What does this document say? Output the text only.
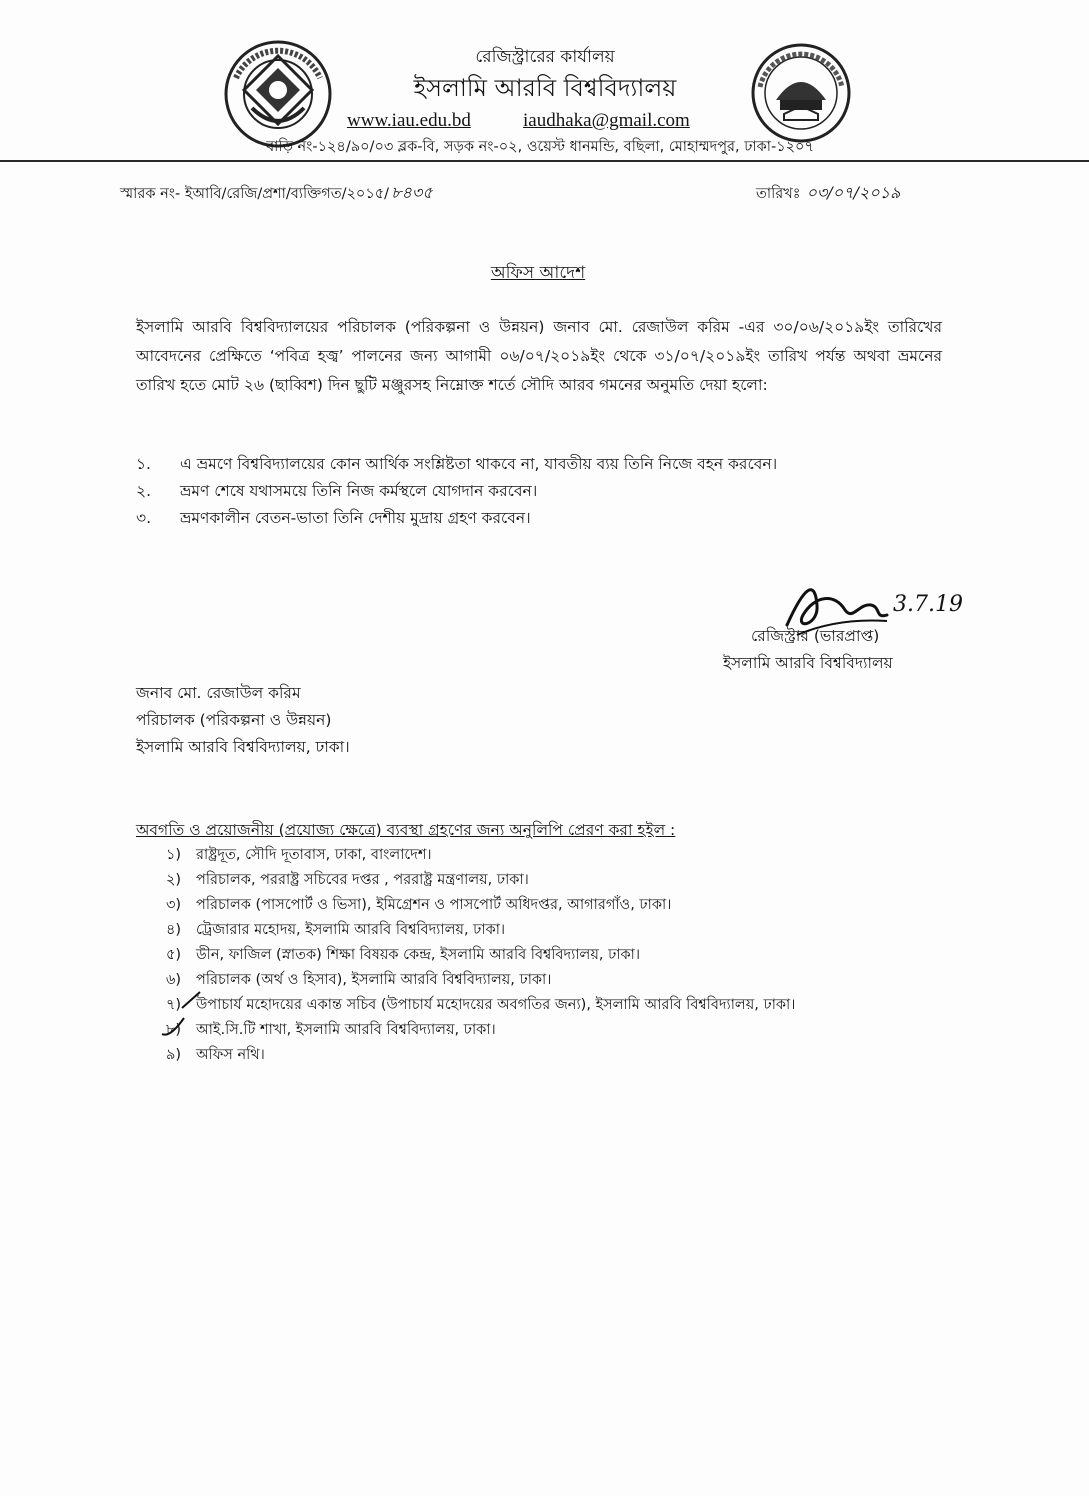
রেজিস্ট্রারের কার্যালয়
ইসলামি আরবি বিশ্ববিদ্যালয়
www.iau.edu.bd	iaudhaka@gmail.com
বাড়ি নং-১২৪/৯০/০৩ ব্লক-বি, সড়ক নং-০২, ওয়েস্ট ধানমন্ডি, বছিলা, মোহাম্মদপুর, ঢাকা-১২০৭
স্মারক নং- ইআবি/রেজি/প্রশা/ব্যক্তিগত/২০১৫/ ৮৪৩৫	তারিখঃ ০৩/০৭/২০১৯
অফিস আদেশ
ইসলামি আরবি বিশ্ববিদ্যালয়ের পরিচালক (পরিকল্পনা ও উন্নয়ন) জনাব মো. রেজাউল করিম -এর ৩০/০৬/২০১৯ইং তারিখের আবেদনের প্রেক্ষিতে ‘পবিত্র হজ্ব’ পালনের জন্য আগামী ০৬/০৭/২০১৯ইং থেকে ৩১/০৭/২০১৯ইং তারিখ পর্যন্ত অথবা ভ্রমনের তারিখ হতে মোট ২৬ (ছাব্বিশ) দিন ছুটি মঞ্জুরসহ নিম্নোক্ত শর্তে সৌদি আরব গমনের অনুমতি দেয়া হলো:
১. এ ভ্রমণে বিশ্ববিদ্যালয়ের কোন আর্থিক সংশ্লিষ্টতা থাকবে না, যাবতীয় ব্যয় তিনি নিজে বহন করবেন।
২. ভ্রমণ শেষে যথাসময়ে তিনি নিজ কর্মস্থলে যোগদান করবেন।
৩. ভ্রমণকালীন বেতন-ভাতা তিনি দেশীয় মুদ্রায় গ্রহণ করবেন।
3.7.19
রেজিস্ট্রার (ভারপ্রাপ্ত)
ইসলামি আরবি বিশ্ববিদ্যালয়
জনাব মো. রেজাউল করিম
পরিচালক (পরিকল্পনা ও উন্নয়ন)
ইসলামি আরবি বিশ্ববিদ্যালয়, ঢাকা।
অবগতি ও প্রয়োজনীয় (প্রযোজ্য ক্ষেত্রে) ব্যবস্থা গ্রহণের জন্য অনুলিপি প্রেরণ করা হইল :
১) রাষ্ট্রদূত, সৌদি দূতাবাস, ঢাকা, বাংলাদেশ।
২) পরিচালক, পররাষ্ট্র সচিবের দপ্তর , পররাষ্ট্র মন্ত্রণালয়, ঢাকা।
৩) পরিচালক (পাসপোর্ট ও ভিসা), ইমিগ্রেশন ও পাসপোর্ট অধিদপ্তর, আগারগাঁও, ঢাকা।
৪) ট্রেজারার মহোদয়, ইসলামি আরবি বিশ্ববিদ্যালয়, ঢাকা।
৫) ডীন, ফাজিল (স্নাতক) শিক্ষা বিষয়ক কেন্দ্র, ইসলামি আরবি বিশ্ববিদ্যালয়, ঢাকা।
৬) পরিচালক (অর্থ ও হিসাব), ইসলামি আরবি বিশ্ববিদ্যালয়, ঢাকা।
৭) উপাচার্য মহোদয়ের একান্ত সচিব (উপাচার্য মহোদয়ের অবগতির জন্য), ইসলামি আরবি বিশ্ববিদ্যালয়, ঢাকা।
৮) আই.সি.টি শাখা, ইসলামি আরবি বিশ্ববিদ্যালয়, ঢাকা।
৯) অফিস নথি।
